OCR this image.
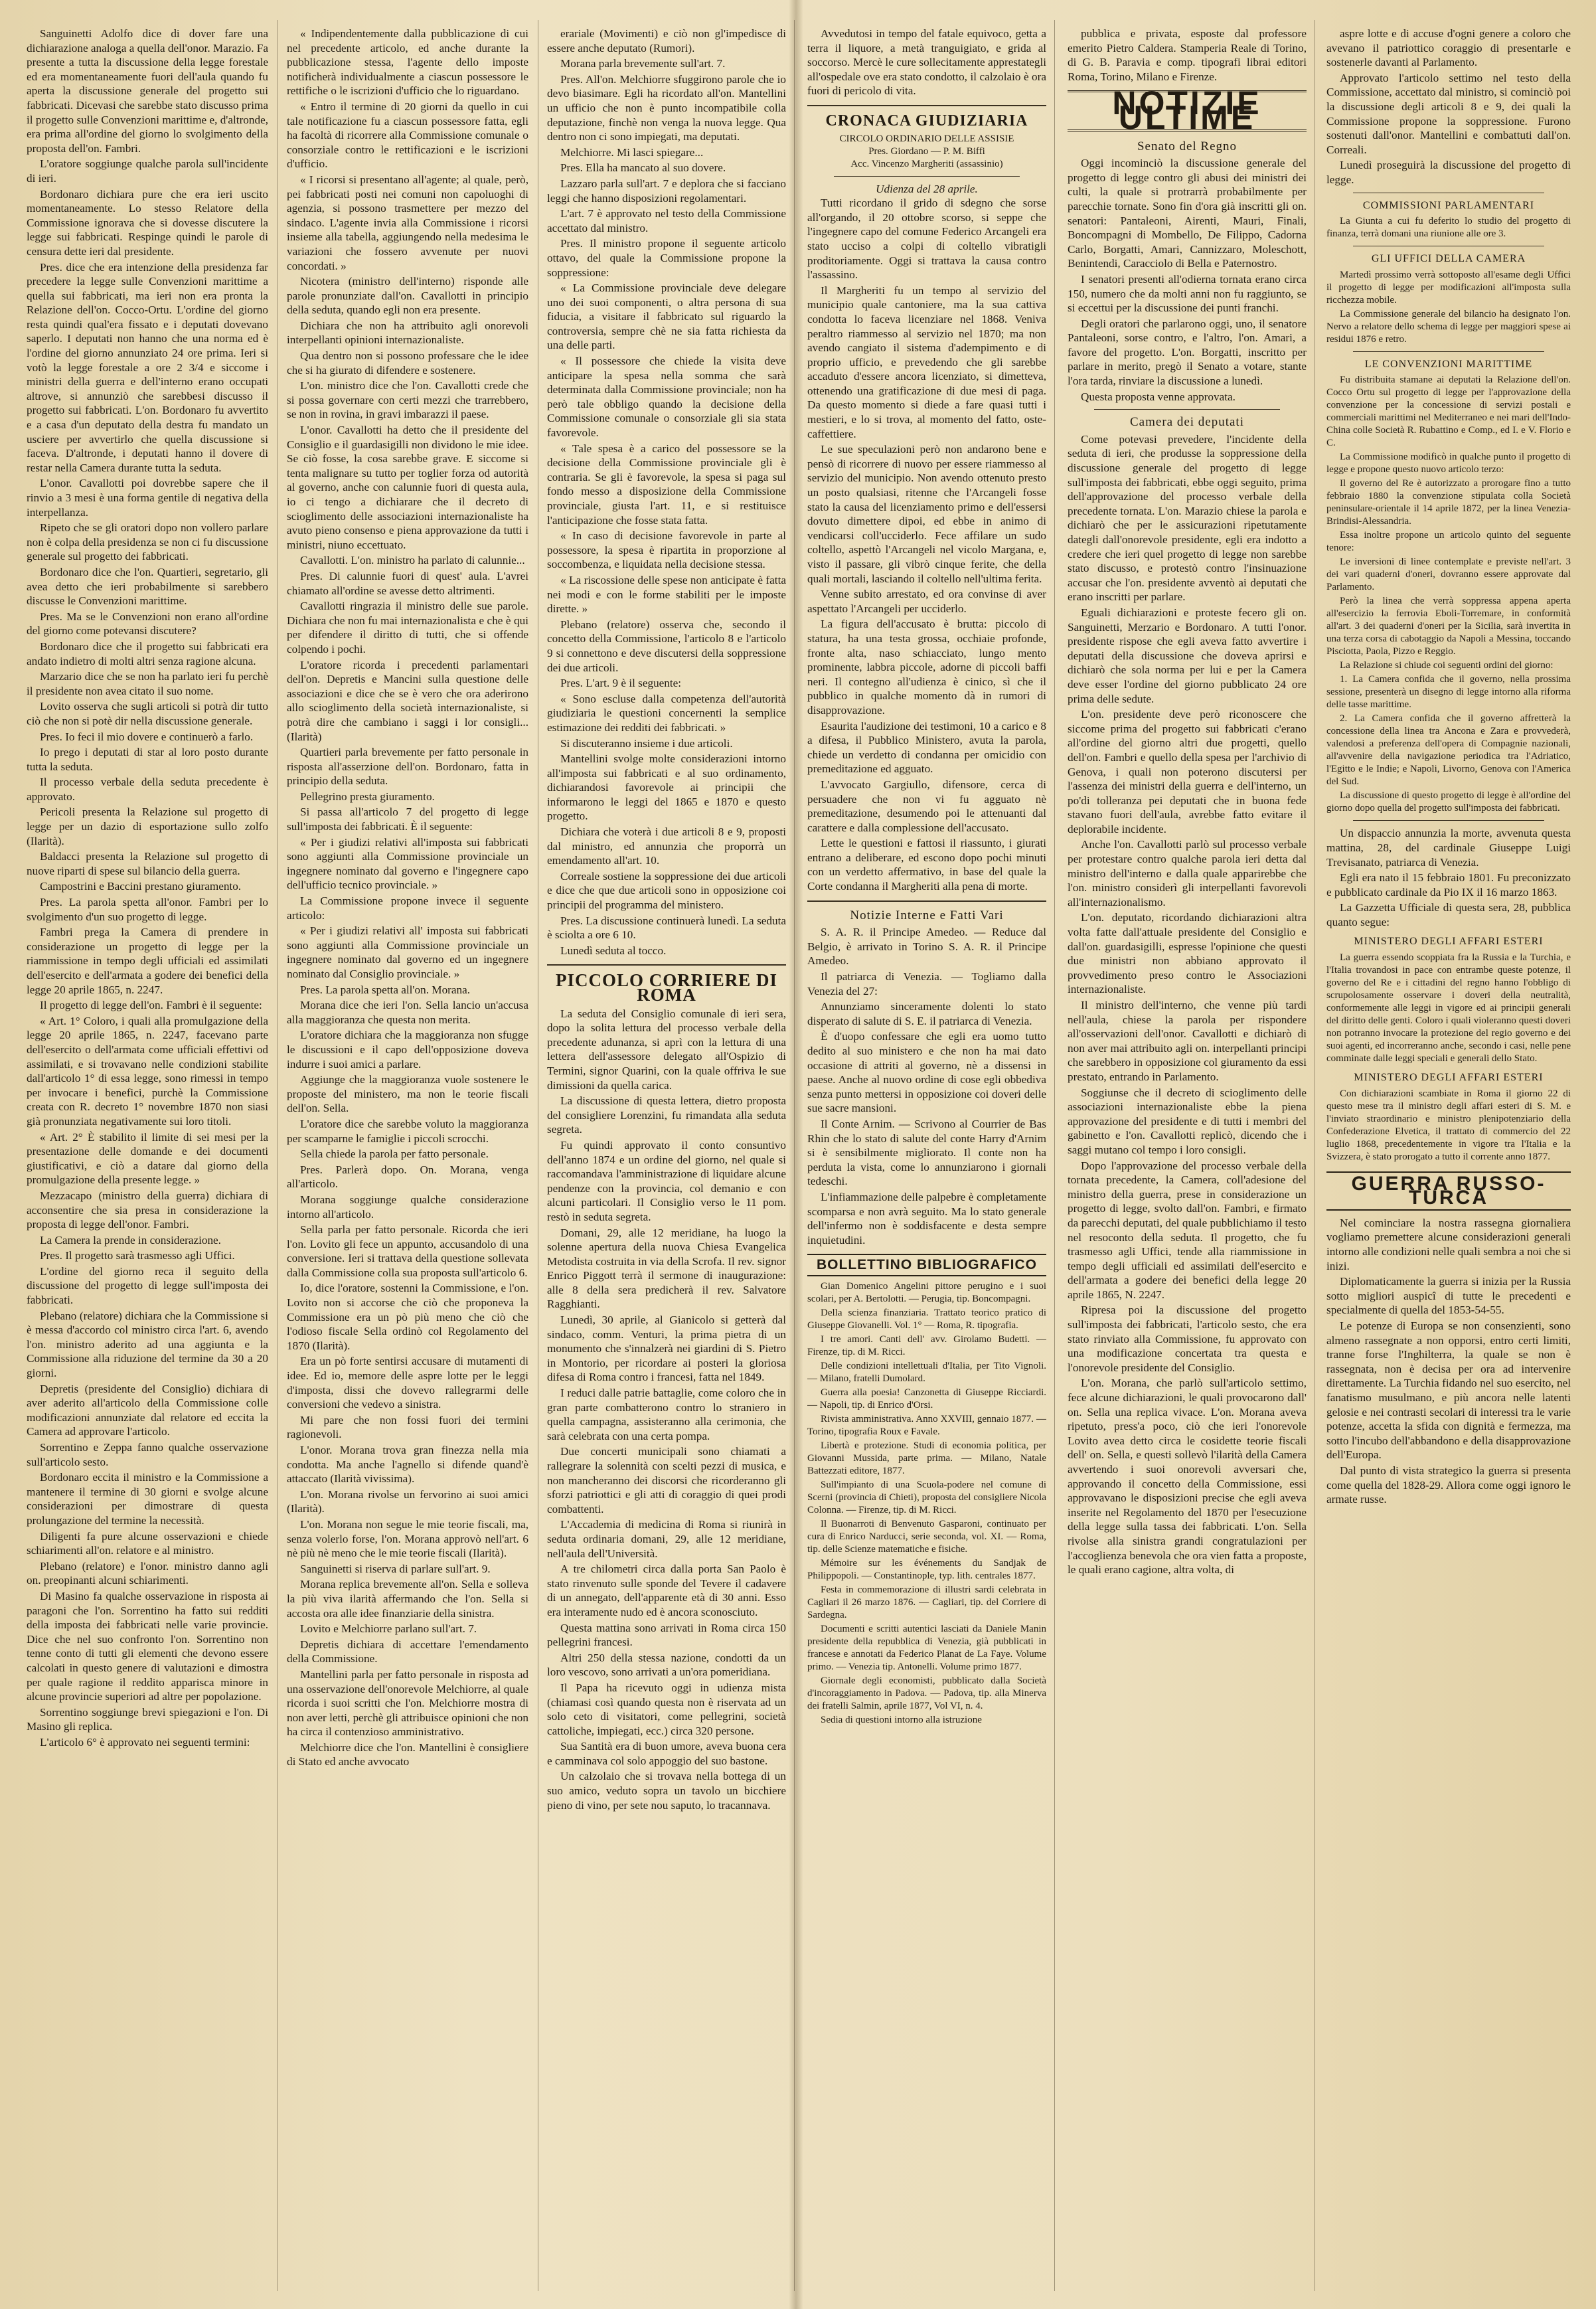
Sanguinetti Adolfo dice di dover fare una dichiarazione analoga a quella dell'onor. Marazio. Fa presente a tutta la discussione della legge forestale ed era momentaneamente fuori dell'aula quando fu aperta la discussione generale del progetto sui fabbricati. Dicevasi che sarebbe stato discusso prima il progetto sulle Convenzioni marittime e, d'altronde, era prima all'ordine del giorno lo svolgimento della proposta dell'on. Fambri.

L'oratore soggiunge qualche parola sull'incidente di ieri.

Bordonaro dichiara pure che era ieri uscito momentaneamente. Lo stesso Relatore della Commissione ignorava che si dovesse discutere la legge sui fabbricati. Respinge quindi le parole di censura dette ieri dal presidente.

Pres. dice che era intenzione della presidenza far precedere la legge sulle Convenzioni marittime a quella sui fabbricati, ma ieri non era pronta la Relazione dell'on. Cocco-Ortu. L'ordine del giorno resta quindi qual'era fissato e i deputati dovevano saperlo. I deputati non hanno che una norma ed è l'ordine del giorno annunziato 24 ore prima. Ieri si votò la legge forestale a ore 2 3/4 e siccome i ministri della guerra e dell'interno erano occupati altrove, si annunziò che sarebbesi discusso il progetto sui fabbricati. L'on. Bordonaro fu avvertito e a casa d'un deputato della destra fu mandato un usciere per avvertirlo che quella discussione si faceva. D'altronde, i deputati hanno il dovere di restar nella Camera durante tutta la seduta.

L'onor. Cavallotti poi dovrebbe sapere che il rinvio a 3 mesi è una forma gentile di negativa della interpellanza.

Ripeto che se gli oratori dopo non vollero parlare non è colpa della presidenza se non ci fu discussione generale sul progetto dei fabbricati.

Bordonaro dice che l'on. Quartieri, segretario, gli avea detto che ieri probabilmente si sarebbero discusse le Convenzioni marittime.

Pres. Ma se le Convenzioni non erano all'ordine del giorno come potevansi discutere?

Bordonaro dice che il progetto sui fabbricati era andato indietro di molti altri senza ragione alcuna.

Marzario dice che se non ha parlato ieri fu perchè il presidente non avea citato il suo nome.

Lovito osserva che sugli articoli si potrà dir tutto ciò che non si potè dir nella discussione generale.

Pres. Io feci il mio dovere e continuerò a farlo.

Io prego i deputati di star al loro posto durante tutta la seduta.

Il processo verbale della seduta precedente è approvato.

Pericoli presenta la Relazione sul progetto di legge per un dazio di esportazione sullo zolfo (Ilarità).

Baldacci presenta la Relazione sul progetto di nuove riparti di spese sul bilancio della guerra.

Campostrini e Baccini prestano giuramento.

Pres. La parola spetta all'onor. Fambri per lo svolgimento d'un suo progetto di legge.

Fambri prega la Camera di prendere in considerazione un progetto di legge per la riammissione in tempo degli ufficiali ed assimilati dell'esercito e dell'armata a godere dei benefici della legge 20 aprile 1865, n. 2247.

Il progetto di legge dell'on. Fambri è il seguente:

« Art. 1° Coloro, i quali alla promulgazione della legge 20 aprile 1865, n. 2247, facevano parte dell'esercito o dell'armata come ufficiali effettivi od assimilati, e si trovavano nelle condizioni stabilite dall'articolo 1° di essa legge, sono rimessi in tempo per invocare i benefici, purchè la Commissione creata con R. decreto 1° novembre 1870 non siasi già pronunziata negativamente sui loro titoli.

« Art. 2° È stabilito il limite di sei mesi per la presentazione delle domande e dei documenti giustificativi, e ciò a datare dal giorno della promulgazione della presente legge. »

Mezzacapo (ministro della guerra) dichiara di acconsentire che sia presa in considerazione la proposta di legge dell'onor. Fambri.

La Camera la prende in considerazione.

Pres. Il progetto sarà trasmesso agli Uffici.

L'ordine del giorno reca il seguito della discussione del progetto di legge sull'imposta dei fabbricati.

Plebano (relatore) dichiara che la Commissione si è messa d'accordo col ministro circa l'art. 6, avendo l'on. ministro aderito ad una aggiunta e la Commissione alla riduzione del termine da 30 a 20 giorni.

Depretis (presidente del Consiglio) dichiara di aver aderito all'articolo della Commissione colle modificazioni annunziate dal relatore ed eccita la Camera ad approvare l'articolo.

Sorrentino e Zeppa fanno qualche osservazione sull'articolo sesto.

Bordonaro eccita il ministro e la Commissione a mantenere il termine di 30 giorni e svolge alcune considerazioni per dimostrare di questa prolungazione del termine la necessità.

Diligenti fa pure alcune osservazioni e chiede schiarimenti all'on. relatore e al ministro.

Plebano (relatore) e l'onor. ministro danno agli on. preopinanti alcuni schiarimenti.

Di Masino fa qualche osservazione in risposta ai paragoni che l'on. Sorrentino ha fatto sui redditi della imposta dei fabbricati nelle varie provincie. Dice che nel suo confronto l'on. Sorrentino non tenne conto di tutti gli elementi che devono essere calcolati in questo genere di valutazioni e dimostra per quale ragione il reddito apparisca minore in alcune provincie superiori ad altre per popolazione.

Sorrentino soggiunge brevi spiegazioni e l'on. Di Masino gli replica.

L'articolo 6° è approvato nei seguenti termini:

« Indipendentemente dalla pubblicazione di cui nel precedente articolo, ed anche durante la pubblicazione stessa, l'agente dello imposte notificherà individualmente a ciascun possessore le rettifiche o le iscrizioni d'ufficio che lo riguardano.

« Entro il termine di 20 giorni da quello in cui tale notificazione fu a ciascun possessore fatta, egli ha facoltà di ricorrere alla Commissione comunale o consorziale contro le rettificazioni e le iscrizioni d'ufficio.

« I ricorsi si presentano all'agente; al quale, però, pei fabbricati posti nei comuni non capoluoghi di agenzia, si possono trasmettere per mezzo del sindaco. L'agente invia alla Commissione i ricorsi insieme alla tabella, aggiungendo nella medesima le variazioni che fossero avvenute per nuovi concordati. »

Nicotera (ministro dell'interno) risponde alle parole pronunziate dall'on. Cavallotti in principio della seduta, quando egli non era presente.

Dichiara che non ha attribuito agli onorevoli interpellanti opinioni internazionaliste.

Qua dentro non si possono professare che le idee che si ha giurato di difendere e sostenere.

L'on. ministro dice che l'on. Cavallotti crede che si possa governare con certi mezzi che trarrebbero, se non in rovina, in gravi imbarazzi il paese.

L'onor. Cavallotti ha detto che il presidente del Consiglio e il guardasigilli non dividono le mie idee. Se ciò fosse, la cosa sarebbe grave. E siccome si tenta malignare su tutto per toglier forza od autorità al governo, anche con calunnie fuori di questa aula, io ci tengo a dichiarare che il decreto di scioglimento delle associazioni internazionaliste ha avuto pieno consenso e piena approvazione da tutti i ministri, niuno eccettuato.

Cavallotti. L'on. ministro ha parlato di calunnie...

Pres. Di calunnie fuori di quest' aula. L'avrei chiamato all'ordine se avesse detto altrimenti.

Cavallotti ringrazia il ministro delle sue parole. Dichiara che non fu mai internazionalista e che è qui per difendere il diritto di tutti, che si offende colpendo i pochi.

L'oratore ricorda i precedenti parlamentari dell'on. Depretis e Mancini sulla questione delle associazioni e dice che se è vero che ora aderirono allo scioglimento della società internazionaliste, si potrà dire che cambiano i saggi i lor consigli... (Ilarità)

Quartieri parla brevemente per fatto personale in risposta all'asserzione dell'on. Bordonaro, fatta in principio della seduta.

Pellegrino presta giuramento.

Si passa all'articolo 7 del progetto di legge sull'imposta dei fabbricati. È il seguente:

« Per i giudizi relativi all'imposta sui fabbricati sono aggiunti alla Commissione provinciale un ingegnere nominato dal governo e l'ingegnere capo dell'ufficio tecnico provinciale. »

La Commissione propone invece il seguente articolo:

« Per i giudizi relativi all' imposta sui fabbricati sono aggiunti alla Commissione provinciale un ingegnere nominato dal governo ed un ingegnere nominato dal Consiglio provinciale. »

Pres. La parola spetta all'on. Morana.

Morana dice che ieri l'on. Sella lancio un'accusa alla maggioranza che questa non merita.

L'oratore dichiara che la maggioranza non sfugge le discussioni e il capo dell'opposizione doveva indurre i suoi amici a parlare.

Aggiunge che la maggioranza vuole sostenere le proposte del ministero, ma non le teorie fiscali dell'on. Sella.

L'oratore dice che sarebbe voluto la maggioranza per scamparne le famiglie i piccoli scrocchi.

Sella chiede la parola per fatto personale.

Pres. Parlerà dopo. On. Morana, venga all'articolo.

Morana soggiunge qualche considerazione intorno all'articolo.

Sella parla per fatto personale. Ricorda che ieri l'on. Lovito gli fece un appunto, accusandolo di una conversione. Ieri si trattava della questione sollevata dalla Commissione colla sua proposta sull'articolo 6.

Io, dice l'oratore, sostenni la Commissione, e l'on. Lovito non si accorse che ciò che proponeva la Commissione era un pò più meno che ciò che l'odioso fiscale Sella ordinò col Regolamento del 1870 (Ilarità).

Era un pò forte sentirsi accusare di mutamenti di idee. Ed io, memore delle aspre lotte per le leggi d'imposta, dissi che dovevo rallegrarmi delle conversioni che vedevo a sinistra.

Mi pare che non fossi fuori dei termini ragionevoli.

L'onor. Morana trova gran finezza nella mia condotta. Ma anche l'agnello si difende quand'è attaccato (Ilarità vivissima).

L'on. Morana rivolse un fervorino ai suoi amici (Ilarità).

L'on. Morana non segue le mie teorie fiscali, ma, senza volerlo forse, l'on. Morana approvò nell'art. 6 nè più nè meno che le mie teorie fiscali (Ilarità).

Sanguinetti si riserva di parlare sull'art. 9.

Morana replica brevemente all'on. Sella e solleva la più viva ilarità affermando che l'on. Sella si accosta ora alle idee finanziarie della sinistra.

Lovito e Melchiorre parlano sull'art. 7.

Depretis dichiara di accettare l'emendamento della Commissione.

Mantellini parla per fatto personale in risposta ad una osservazione dell'onorevole Melchiorre, al quale ricorda i suoi scritti che l'on. Melchiorre mostra di non aver letti, perchè gli attribuisce opinioni che non ha circa il contenzioso amministrativo.

Melchiorre dice che l'on. Mantellini è consigliere di Stato ed anche avvocato

erariale (Movimenti) e ciò non gl'impedisce di essere anche deputato (Rumori).

Morana parla brevemente sull'art. 7.

Pres. All'on. Melchiorre sfuggirono parole che io devo biasimare. Egli ha ricordato all'on. Mantellini un ufficio che non è punto incompatibile colla deputazione, finchè non venga la nuova legge. Qua dentro non ci sono impiegati, ma deputati.

Melchiorre. Mi lasci spiegare...

Pres. Ella ha mancato al suo dovere.

Lazzaro parla sull'art. 7 e deplora che si facciano leggi che hanno disposizioni regolamentari.

L'art. 7 è approvato nel testo della Commissione accettato dal ministro.

Pres. Il ministro propone il seguente articolo ottavo, del quale la Commissione propone la soppressione:

« La Commissione provinciale deve delegare uno dei suoi componenti, o altra persona di sua fiducia, a visitare il fabbricato sul riguardo la controversia, sempre chè ne sia fatta richiesta da una delle parti.

« Il possessore che chiede la visita deve anticipare la spesa nella somma che sarà determinata dalla Commissione provinciale; non ha però tale obbligo quando la decisione della Commissione comunale o consorziale gli sia stata favorevole.

« Tale spesa è a carico del possessore se la decisione della Commissione provinciale gli è contraria. Se gli è favorevole, la spesa si paga sul fondo messo a disposizione della Commissione provinciale, giusta l'art. 11, e si restituisce l'anticipazione che fosse stata fatta.

« In caso di decisione favorevole in parte al possessore, la spesa è ripartita in proporzione al soccombenza, e liquidata nella decisione stessa.

« La riscossione delle spese non anticipate è fatta nei modi e con le forme stabiliti per le imposte dirette. »

Plebano (relatore) osserva che, secondo il concetto della Commissione, l'articolo 8 e l'articolo 9 si connettono e deve discutersi della soppressione dei due articoli.

Pres. L'art. 9 è il seguente:

« Sono escluse dalla competenza dell'autorità giudiziaria le questioni concernenti la semplice estimazione dei redditi dei fabbricati. »

Si discuteranno insieme i due articoli.

Mantellini svolge molte considerazioni intorno all'imposta sui fabbricati e al suo ordinamento, dichiarandosi favorevole ai principii che informarono le leggi del 1865 e 1870 e questo progetto.

Dichiara che voterà i due articoli 8 e 9, proposti dal ministro, ed annunzia che proporrà un emendamento all'art. 10.

Correale sostiene la soppressione dei due articoli e dice che que due articoli sono in opposizione coi principii del programma del ministero.

Pres. La discussione continuerà lunedì. La seduta è sciolta a ore 6 10.

Lunedì seduta al tocco.

PICCOLO CORRIERE DI ROMA

La seduta del Consiglio comunale di ieri sera, dopo la solita lettura del processo verbale della precedente adunanza, si aprì con la lettura di una lettera dell'assessore delegato all'Ospizio di Termini, signor Quarini, con la quale offriva le sue dimissioni da quella carica.

La discussione di questa lettera, dietro proposta del consigliere Lorenzini, fu rimandata alla seduta segreta.

Fu quindi approvato il conto consuntivo dell'anno 1874 e un ordine del giorno, nel quale si raccomandava l'amministrazione di liquidare alcune pendenze con la provincia, col demanio e con alcuni particolari. Il Consiglio verso le 11 pom. restò in seduta segreta.

Domani, 29, alle 12 meridiane, ha luogo la solenne apertura della nuova Chiesa Evangelica Metodista costruita in via della Scrofa. Il rev. signor Enrico Piggott terrà il sermone di inaugurazione: alle 8 della sera predicherà il rev. Salvatore Ragghianti.

Lunedì, 30 aprile, al Gianicolo si getterà dal sindaco, comm. Venturi, la prima pietra di un monumento che s'innalzerà nei giardini di S. Pietro in Montorio, per ricordare ai posteri la gloriosa difesa di Roma contro i francesi, fatta nel 1849.

I reduci dalle patrie battaglie, come coloro che in gran parte combatterono contro lo straniero in quella campagna, assisteranno alla cerimonia, che sarà celebrata con una certa pompa.

Due concerti municipali sono chiamati a rallegrare la solennità con scelti pezzi di musica, e non mancheranno dei discorsi che ricorderanno gli sforzi patriottici e gli atti di coraggio di quei prodi combattenti.

L'Accademia di medicina di Roma si riunirà in seduta ordinaria domani, 29, alle 12 meridiane, nell'aula dell'Università.

A tre chilometri circa dalla porta San Paolo è stato rinvenuto sulle sponde del Tevere il cadavere di un annegato, dell'apparente età di 30 anni. Esso era interamente nudo ed è ancora sconosciuto.

Questa mattina sono arrivati in Roma circa 150 pellegrini francesi.

Altri 250 della stessa nazione, condotti da un loro vescovo, sono arrivati a un'ora pomeridiana.

Il Papa ha ricevuto oggi in udienza mista (chiamasi così quando questa non è riservata ad un solo ceto di visitatori, come pellegrini, società cattoliche, impiegati, ecc.) circa 320 persone.

Sua Santità era di buon umore, aveva buona cera e camminava col solo appoggio del suo bastone.

Un calzolaio che si trovava nella bottega di un suo amico, veduto sopra un tavolo un bicchiere pieno di vino, per sete nou saputo, lo tracannava.

Avvedutosi in tempo del fatale equivoco, getta a terra il liquore, a metà tranguigiato, e grida al soccorso. Mercè le cure sollecitamente apprestategli all'ospedale ove era stato condotto, il calzolaio è ora fuori di pericolo di vita.

CRONACA GIUDIZIARIA
CIRCOLO ORDINARIO DELLE ASSISIE
Pres. Giordano — P. M. Biffi
Acc. Vincenzo Margheriti (assassinio)
Udienza del 28 aprile.

Tutti ricordano il grido di sdegno che sorse all'orgando, il 20 ottobre scorso, si seppe che l'ingegnere capo del comune Federico Arcangeli era stato ucciso a colpi di coltello vibratigli proditoriamente. Oggi si trattava la causa contro l'assassino.

Il Margheriti fu un tempo al servizio del municipio quale cantoniere, ma la sua cattiva condotta lo faceva licenziare nel 1868. Veniva peraltro riammesso al servizio nel 1870; ma non avendo cangiato il sistema d'adempimento e di proprio ufficio, e prevedendo che gli sarebbe accaduto d'essere ancora licenziato, si dimetteva, ottenendo una gratificazione di due mesi di paga. Da questo momento si diede a fare quasi tutti i mestieri, e lo si trova, al momento del fatto, oste-caffettiere.

Le sue speculazioni però non andarono bene e pensò di ricorrere di nuovo per essere riammesso al servizio del municipio. Non avendo ottenuto presto un posto qualsiasi, ritenne che l'Arcangeli fosse stato la causa del licenziamento primo e dell'essersi dovuto dimettere dipoi, ed ebbe in animo di vendicarsi coll'ucciderlo. Fece affilare un sudo coltello, aspettò l'Arcangeli nel vicolo Margana, e, visto il passare, gli vibrò cinque ferite, che della quali mortali, lasciando il coltello nell'ultima ferita.

Venne subito arrestato, ed ora convinse di aver aspettato l'Arcangeli per ucciderlo.

La figura dell'accusato è brutta: piccolo di statura, ha una testa grossa, occhiaie profonde, fronte alta, naso schiacciato, lungo mento prominente, labbra piccole, adorne di piccoli baffi neri. Il contegno all'udienza è cinico, sì che il pubblico in qualche momento dà in rumori di disapprovazione.

Esaurita l'audizione dei testimoni, 10 a carico e 8 a difesa, il Pubblico Ministero, avuta la parola, chiede un verdetto di condanna per omicidio con premeditazione ed agguato.

L'avvocato Gargiullo, difensore, cerca di persuadere che non vi fu agguato nè premeditazione, desumendo poi le attenuanti dal carattere e dalla complessione dell'accusato.

Lette le questioni e fattosi il riassunto, i giurati entrano a deliberare, ed escono dopo pochi minuti con un verdetto affermativo, in base del quale la Corte condanna il Margheriti alla pena di morte.

Notizie Interne e Fatti Vari

S. A. R. il Principe Amedeo. — Reduce dal Belgio, è arrivato in Torino S. A. R. il Principe Amedeo.

Il patriarca di Venezia. — Togliamo dalla Venezia del 27:

Annunziamo sinceramente dolenti lo stato disperato di salute di S. E. il patriarca di Venezia.

È d'uopo confessare che egli era uomo tutto dedito al suo ministero e che non ha mai dato occasione di attriti al governo, nè a dissensi in paese. Anche al nuovo ordine di cose egli obbediva senza punto mettersi in opposizione coi doveri delle sue sacre mansioni.

Il Conte Arnim. — Scrivono al Courrier de Bas Rhin che lo stato di salute del conte Harry d'Arnim si è sensibilmente migliorato. Il conte non ha perduta la vista, come lo annunziarono i giornali tedeschi.

L'infiammazione delle palpebre è completamente scomparsa e non avrà seguito. Ma lo stato generale dell'infermo non è soddisfacente e desta sempre inquietudini.

BOLLETTINO BIBLIOGRAFICO

Gian Domenico Angelini pittore perugino e i suoi scolari, per A. Bertolotti. — Perugia, tip. Boncompagni.

Della scienza finanziaria. Trattato teorico pratico di Giuseppe Giovanelli. Vol. 1° — Roma, R. tipografia.

I tre amori. Canti dell' avv. Girolamo Budetti. — Firenze, tip. di M. Ricci.

Delle condizioni intellettuali d'Italia, per Tito Vignoli. — Milano, fratelli Dumolard.

Guerra alla poesia! Canzonetta di Giuseppe Ricciardi. — Napoli, tip. di Enrico d'Orsi.

Rivista amministrativa. Anno XXVIII, gennaio 1877. — Torino, tipografia Roux e Favale.

Libertà e protezione. Studi di economia politica, per Giovanni Mussida, parte prima. — Milano, Natale Battezzati editore, 1877.

Sull'impianto di una Scuola-podere nel comune di Scerni (provincia di Chieti), proposta del consigliere Nicola Colonna. — Firenze, tip. di M. Ricci.

Il Buonarroti di Benvenuto Gasparoni, continuato per cura di Enrico Narducci, serie seconda, vol. XI. — Roma, tip. delle Scienze matematiche e fisiche.

Mémoire sur les événements du Sandjak de Philippopoli. — Constantinople, typ. lith. centrales 1877.

Festa in commemorazione di illustri sardi celebrata in Cagliari il 26 marzo 1876. — Cagliari, tip. del Corriere di Sardegna.

Documenti e scritti autentici lasciati da Daniele Manin presidente della repubblica di Venezia, già pubblicati in francese e annotati da Federico Planat de La Faye. Volume primo. — Venezia tip. Antonelli. Volume primo 1877.

Giornale degli economisti, pubblicato dalla Società d'incoraggiamento in Padova. — Padova, tip. alla Minerva dei fratelli Salmin, aprile 1877, Vol VI, n. 4.

Sedia di questioni intorno alla istruzione

pubblica e privata, esposte dal professore emerito Pietro Caldera. Stamperia Reale di Torino, di G. B. Paravia e comp. tipografi librai editori Roma, Torino, Milano e Firenze.

NOTIZIE ULTIME
Senato del Regno

Oggi incominciò la discussione generale del progetto di legge contro gli abusi dei ministri dei culti, la quale si protrarrà probabilmente per parecchie tornate. Sono fin d'ora già inscritti gli on. senatori: Pantaleoni, Airenti, Mauri, Finali, Boncompagni di Mombello, De Filippo, Cadorna Carlo, Borgatti, Amari, Cannizzaro, Moleschott, Benintendi, Caracciolo di Bella e Paternostro.

I senatori presenti all'odierna tornata erano circa 150, numero che da molti anni non fu raggiunto, se si eccettui per la discussione dei punti franchi.

Degli oratori che parlarono oggi, uno, il senatore Pantaleoni, sorse contro, e l'altro, l'on. Amari, a favore del progetto. L'on. Borgatti, inscritto per parlare in merito, pregò il Senato a votare, stante l'ora tarda, rinviare la discussione a lunedì.

Questa proposta venne approvata.

Camera dei deputati

Come potevasi prevedere, l'incidente della seduta di ieri, che produsse la soppressione della discussione generale del progetto di legge sull'imposta dei fabbricati, ebbe oggi seguito, prima dell'approvazione del processo verbale della precedente tornata. L'on. Marazio chiese la parola e dichiarò che per le assicurazioni ripetutamente dategli dall'onorevole presidente, egli era indotto a credere che ieri quel progetto di legge non sarebbe stato discusso, e protestò contro l'insinuazione accusar che l'on. presidente avventò ai deputati che erano inscritti per parlare.

Eguali dichiarazioni e proteste fecero gli on. Sanguinetti, Merzario e Bordonaro. A tutti l'onor. presidente rispose che egli aveva fatto avvertire i deputati della discussione che doveva aprirsi e dichiarò che sola norma per lui e per la Camera deve esser l'ordine del giorno pubblicato 24 ore prima delle sedute.

L'on. presidente deve però riconoscere che siccome prima del progetto sui fabbricati c'erano all'ordine del giorno altri due progetti, quello dell'on. Fambri e quello della spesa per l'archivio di Genova, i quali non poterono discutersi per l'assenza dei ministri della guerra e dell'interno, un po'di tolleranza pei deputati che in buona fede stavano fuori dell'aula, avrebbe fatto evitare il deplorabile incidente.

Anche l'on. Cavallotti parlò sul processo verbale per protestare contro qualche parola ieri detta dal ministro dell'interno e dalla quale apparirebbe che l'on. ministro considerì gli interpellanti favorevoli all'internazionalismo.

L'on. deputato, ricordando dichiarazioni altra volta fatte dall'attuale presidente del Consiglio e dall'on. guardasigilli, espresse l'opinione che questi due ministri non abbiano approvato il provvedimento preso contro le Associazioni internazionaliste.

Il ministro dell'interno, che venne più tardi nell'aula, chiese la parola per rispondere all'osservazioni dell'onor. Cavallotti e dichiarò di non aver mai attribuito agli on. interpellanti principi che sarebbero in opposizione col giuramento da essi prestato, entrando in Parlamento.

Soggiunse che il decreto di scioglimento delle associazioni internazionaliste ebbe la piena approvazione del presidente e di tutti i membri del gabinetto e l'on. Cavallotti replicò, dicendo che i saggi mutano col tempo i loro consigli.

Dopo l'approvazione del processo verbale della tornata precedente, la Camera, coll'adesione del ministro della guerra, prese in considerazione un progetto di legge, svolto dall'on. Fambri, e firmato da parecchi deputati, del quale pubblichiamo il testo nel resoconto della seduta. Il progetto, che fu trasmesso agli Uffici, tende alla riammissione in tempo degli ufficiali ed assimilati dell'esercito e dell'armata a godere dei benefici della legge 20 aprile 1865, N. 2247.

Ripresa poi la discussione del progetto sull'imposta dei fabbricati, l'articolo sesto, che era stato rinviato alla Commissione, fu approvato con una modificazione concertata tra questa e l'onorevole presidente del Consiglio.

L'on. Morana, che parlò sull'articolo settimo, fece alcune dichiarazioni, le quali provocarono dall' on. Sella una replica vivace. L'on. Morana aveva ripetuto, press'a poco, ciò che ieri l'onorevole Lovito avea detto circa le cosidette teorie fiscali dell' on. Sella, e questi sollevò l'ilarità della Camera avvertendo i suoi onorevoli avversari che, approvando il concetto della Commissione, essi approvavano le disposizioni precise che egli aveva inserite nel Regolamento del 1870 per l'esecuzione della legge sulla tassa dei fabbricati. L'on. Sella rivolse alla sinistra grandi congratulazioni per l'accoglienza benevola che ora vien fatta a proposte, le quali erano cagione, altra volta, di

aspre lotte e di accuse d'ogni genere a coloro che avevano il patriottico coraggio di presentarle e sostenerle davanti al Parlamento.

Approvato l'articolo settimo nel testo della Commissione, accettato dal ministro, si cominciò poi la discussione degli articoli 8 e 9, dei quali la Commissione propone la soppressione. Furono sostenuti dall'onor. Mantellini e combattuti dall'on. Correali.

Lunedì proseguirà la discussione del progetto di legge.

COMMISSIONI PARLAMENTARI

La Giunta a cui fu deferito lo studio del progetto di finanza, terrà domani una riunione alle ore 3.

GLI UFFICI DELLA CAMERA

Martedì prossimo verrà sottoposto all'esame degli Uffici il progetto di legge per modificazioni all'imposta sulla ricchezza mobile.

La Commissione generale del bilancio ha designato l'on. Nervo a relatore dello schema di legge per maggiori spese ai residui 1876 e retro.

LE CONVENZIONI MARITTIME

Fu distribuita stamane ai deputati la Relazione dell'on. Cocco Ortu sul progetto di legge per l'approvazione della convenzione per la concessione di servizi postali e commerciali marittimi nel Mediterraneo e nei mari dell'Indo-China colle Società R. Rubattino e Comp., ed I. e V. Florio e C.

La Commissione modificò in qualche punto il progetto di legge e propone questo nuovo articolo terzo:

Il governo del Re è autorizzato a prorogare fino a tutto febbraio 1880 la convenzione stipulata colla Società peninsulare-orientale il 14 aprile 1872, per la linea Venezia-Brindisi-Alessandria.

Essa inoltre propone un articolo quinto del seguente tenore:

Le inversioni di linee contemplate e previste nell'art. 3 dei vari quaderni d'oneri, dovranno essere approvate dal Parlamento.

Però la linea che verrà soppressa appena aperta all'esercizio la ferrovia Eboli-Torremare, in conformità all'art. 3 dei quaderni d'oneri per la Sicilia, sarà invertita in una terza corsa di cabotaggio da Napoli a Messina, toccando Pisciotta, Paola, Pizzo e Reggio.

La Relazione si chiude coi seguenti ordini del giorno:

1. La Camera confida che il governo, nella prossima sessione, presenterà un disegno di legge intorno alla riforma delle tasse marittime.

2. La Camera confida che il governo affretterà la concessione della linea tra Ancona e Zara e provvederà, valendosi a preferenza dell'opera di Compagnie nazionali, all'avvenire della navigazione periodica tra l'Adriatico, l'Egitto e le Indie; e Napoli, Livorno, Genova con l'America del Sud.

La discussione di questo progetto di legge è all'ordine del giorno dopo quella del progetto sull'imposta dei fabbricati.

Un dispaccio annunzia la morte, avvenuta questa mattina, 28, del cardinale Giuseppe Luigi Trevisanato, patriarca di Venezia.

Egli era nato il 15 febbraio 1801. Fu preconizzato e pubblicato cardinale da Pio IX il 16 marzo 1863.

La Gazzetta Ufficiale di questa sera, 28, pubblica quanto segue:

MINISTERO DEGLI AFFARI ESTERI

La guerra essendo scoppiata fra la Russia e la Turchia, e l'Italia trovandosi in pace con entrambe queste potenze, il governo del Re e i cittadini del regno hanno l'obbligo di scrupolosamente osservare i doveri della neutralità, conformemente alle leggi in vigore ed ai principii generali del diritto delle genti. Coloro i quali violeranno questi doveri non potranno invocare la protezione del regio governo e dei suoi agenti, ed incorreranno anche, secondo i casi, nelle pene comminate dalle leggi speciali e generali dello Stato.

MINISTERO DEGLI AFFARI ESTERI

Con dichiarazioni scambiate in Roma il giorno 22 di questo mese tra il ministro degli affari esteri di S. M. e l'inviato straordinario e ministro plenipotenziario della Confederazione Elvetica, il trattato di commercio del 22 luglio 1868, precedentemente in vigore tra l'Italia e la Svizzera, è stato prorogato a tutto il corrente anno 1877.

GUERRA RUSSO-TURCA

Nel cominciare la nostra rassegna giornaliera vogliamo premettere alcune considerazioni generali intorno alle condizioni nelle quali sembra a noi che si inizi.

Diplomaticamente la guerra si inizia per la Russia sotto migliori auspicî di tutte le precedenti e specialmente di quella del 1853-54-55.

Le potenze di Europa se non consenzienti, sono almeno rassegnate a non opporsi, entro certi limiti, tranne forse l'Inghilterra, la quale se non è rassegnata, non è decisa per ora ad intervenire direttamente. La Turchia fidando nel suo esercito, nel fanatismo musulmano, e più ancora nelle latenti gelosie e nei contrasti secolari di interessi tra le varie potenze, accetta la sfida con dignità e fermezza, ma sotto l'incubo dell'abbandono e della disapprovazione dell'Europa.

Dal punto di vista strategico la guerra si presenta come quella del 1828-29. Allora come oggi ignoro le armate russe.
